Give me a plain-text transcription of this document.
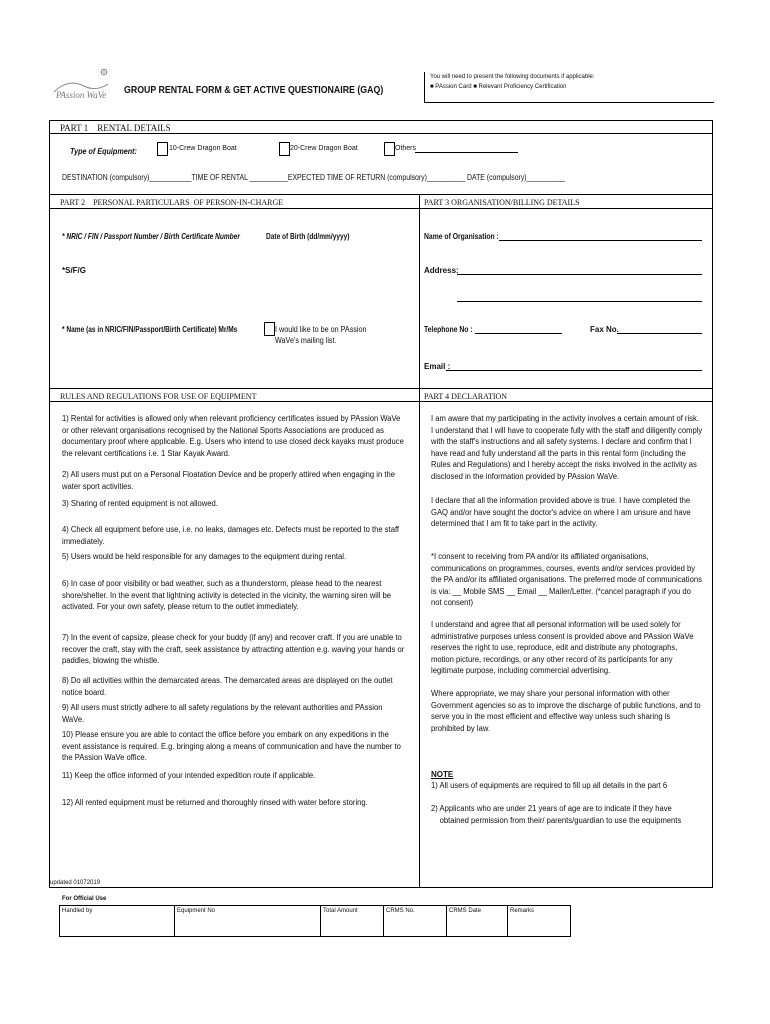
PAssion WaVe GROUP RENTAL FORM & GET ACTIVE QUESTIONAIRE (GAQ)
You will need to present the following documents if applicable:
■ PAssion Card ■ Relevant Proficiency Certification
PART 1    RENTAL DETAILS
Type of Equipment:	10-Crew Dragon Boat	20-Crew Dragon Boat	Others
DESTINATION (compulsory)___________TIME OF RENTAL __________EXPECTED TIME OF RETURN (compulsory)__________ DATE (compulsory)__________
PART 2    PERSONAL PARTICULARS  OF PERSON-IN-CHARGE	PART 3 ORGANISATION/BILLING DETAILS
* NRIC / FIN / Passport Number / Birth Certificate Number	Date of Birth (dd/mm/yyyy)
*S/F/G
* Name (as in NRIC/FIN/Passport/Birth Certificate) Mr/Ms	I would like to be on PAssion WaVe's mailing list.
Name of Organisation :
Address:
Telephone No :	Fax No.
Email :
RULES AND REGULATIONS FOR USE OF EQUIPMENT	PART 4 DECLARATION
1) Rental for activities is allowed only when relevant proficiency certificates issued by PAssion WaVe or other relevant organisations recognised by the National Sports Associations are produced as documentary proof where applicable. E.g. Users who intend to use closed deck kayaks must produce the relevant certifications i.e. 1 Star Kayak Award.
2) All users must put on a Personal Floatation Device and be properly attired when engaging in the water sport activities.
3) Sharing of rented equipment is not allowed.
4) Check all equipment before use, i.e. no leaks, damages etc. Defects must be reported to the staff immediately.
5) Users would be held responsible for any damages to the equipment during rental.
6) In case of poor visibility or bad weather, such as a thunderstorm, please head to the nearest shore/shelter. In the event that lightning activity is detected in the vicinity, the warning siren will be activated. For your own safety, please return to the outlet immediately.
7) In the event of capsize, please check for your buddy (if any) and recover craft. If you are unable to recover the craft, stay with the craft, seek assistance by attracting attention e.g. waving your hands or paddles, blowing the whistle.
8) Do all activities within the demarcated areas. The demarcated areas are displayed on the outlet notice board.
9) All users must strictly adhere to all safety regulations by the relevant authorities and PAssion WaVe.
10) Please ensure you are able to contact the office before you embark on any expeditions in the event assistance is required. E.g. bringing along a means of communication and have the number to the PAssion WaVe office.
11) Keep the office informed of your intended expedition route if applicable.
12) All rented equipment must be returned and thoroughly rinsed with water before storing.
I am aware that my participating in the activity involves a certain amount of risk. I understand that I will have to cooperate fully with the staff and diligently comply with the staff's instructions and all safety systems. I declare and confirm that I have read and fully understand all the parts in this rental form (including the Rules and Regulations) and I hereby accept the risks involved in the activity as disclosed in the information provided by PAssion WaVe.
I declare that all the information provided above is true. I have completed the GAQ and/or have sought the doctor's advice on where I am unsure and have determined that I am fit to take part in the activity.
*I consent to receiving from PA and/or its affiliated organisations, communications on programmes, courses, events and/or services provided by the PA and/or its affiliated organisations. The preferred mode of communications is via: __ Mobile SMS __ Email __ Mailer/Letter. (*cancel paragraph if you do not consent)
I understand and agree that all personal information will be used solely for administrative purposes unless consent is provided above and PAssion WaVe reserves the right to use, reproduce, edit and distribute any photographs, motion picture, recordings, or any other record of its participants for any legitimate purpose, including commercial advertising.
Where appropriate, we may share your personal information with other Government agencies so as to improve the discharge of public functions, and to serve you in the most efficient and effective way unless such sharing is prohibited by law.
NOTE
1) All users of equipments are required to fill up all details in the part 6
2) Applicants who are under 21 years of age are to indicate if they have obtained permission from their/ parents/guardian to use the equipments
updated 01072019
For Official Use
Handled by	Equipment No	Total Amount	CRMS No.	CRMS Date	Remarks
